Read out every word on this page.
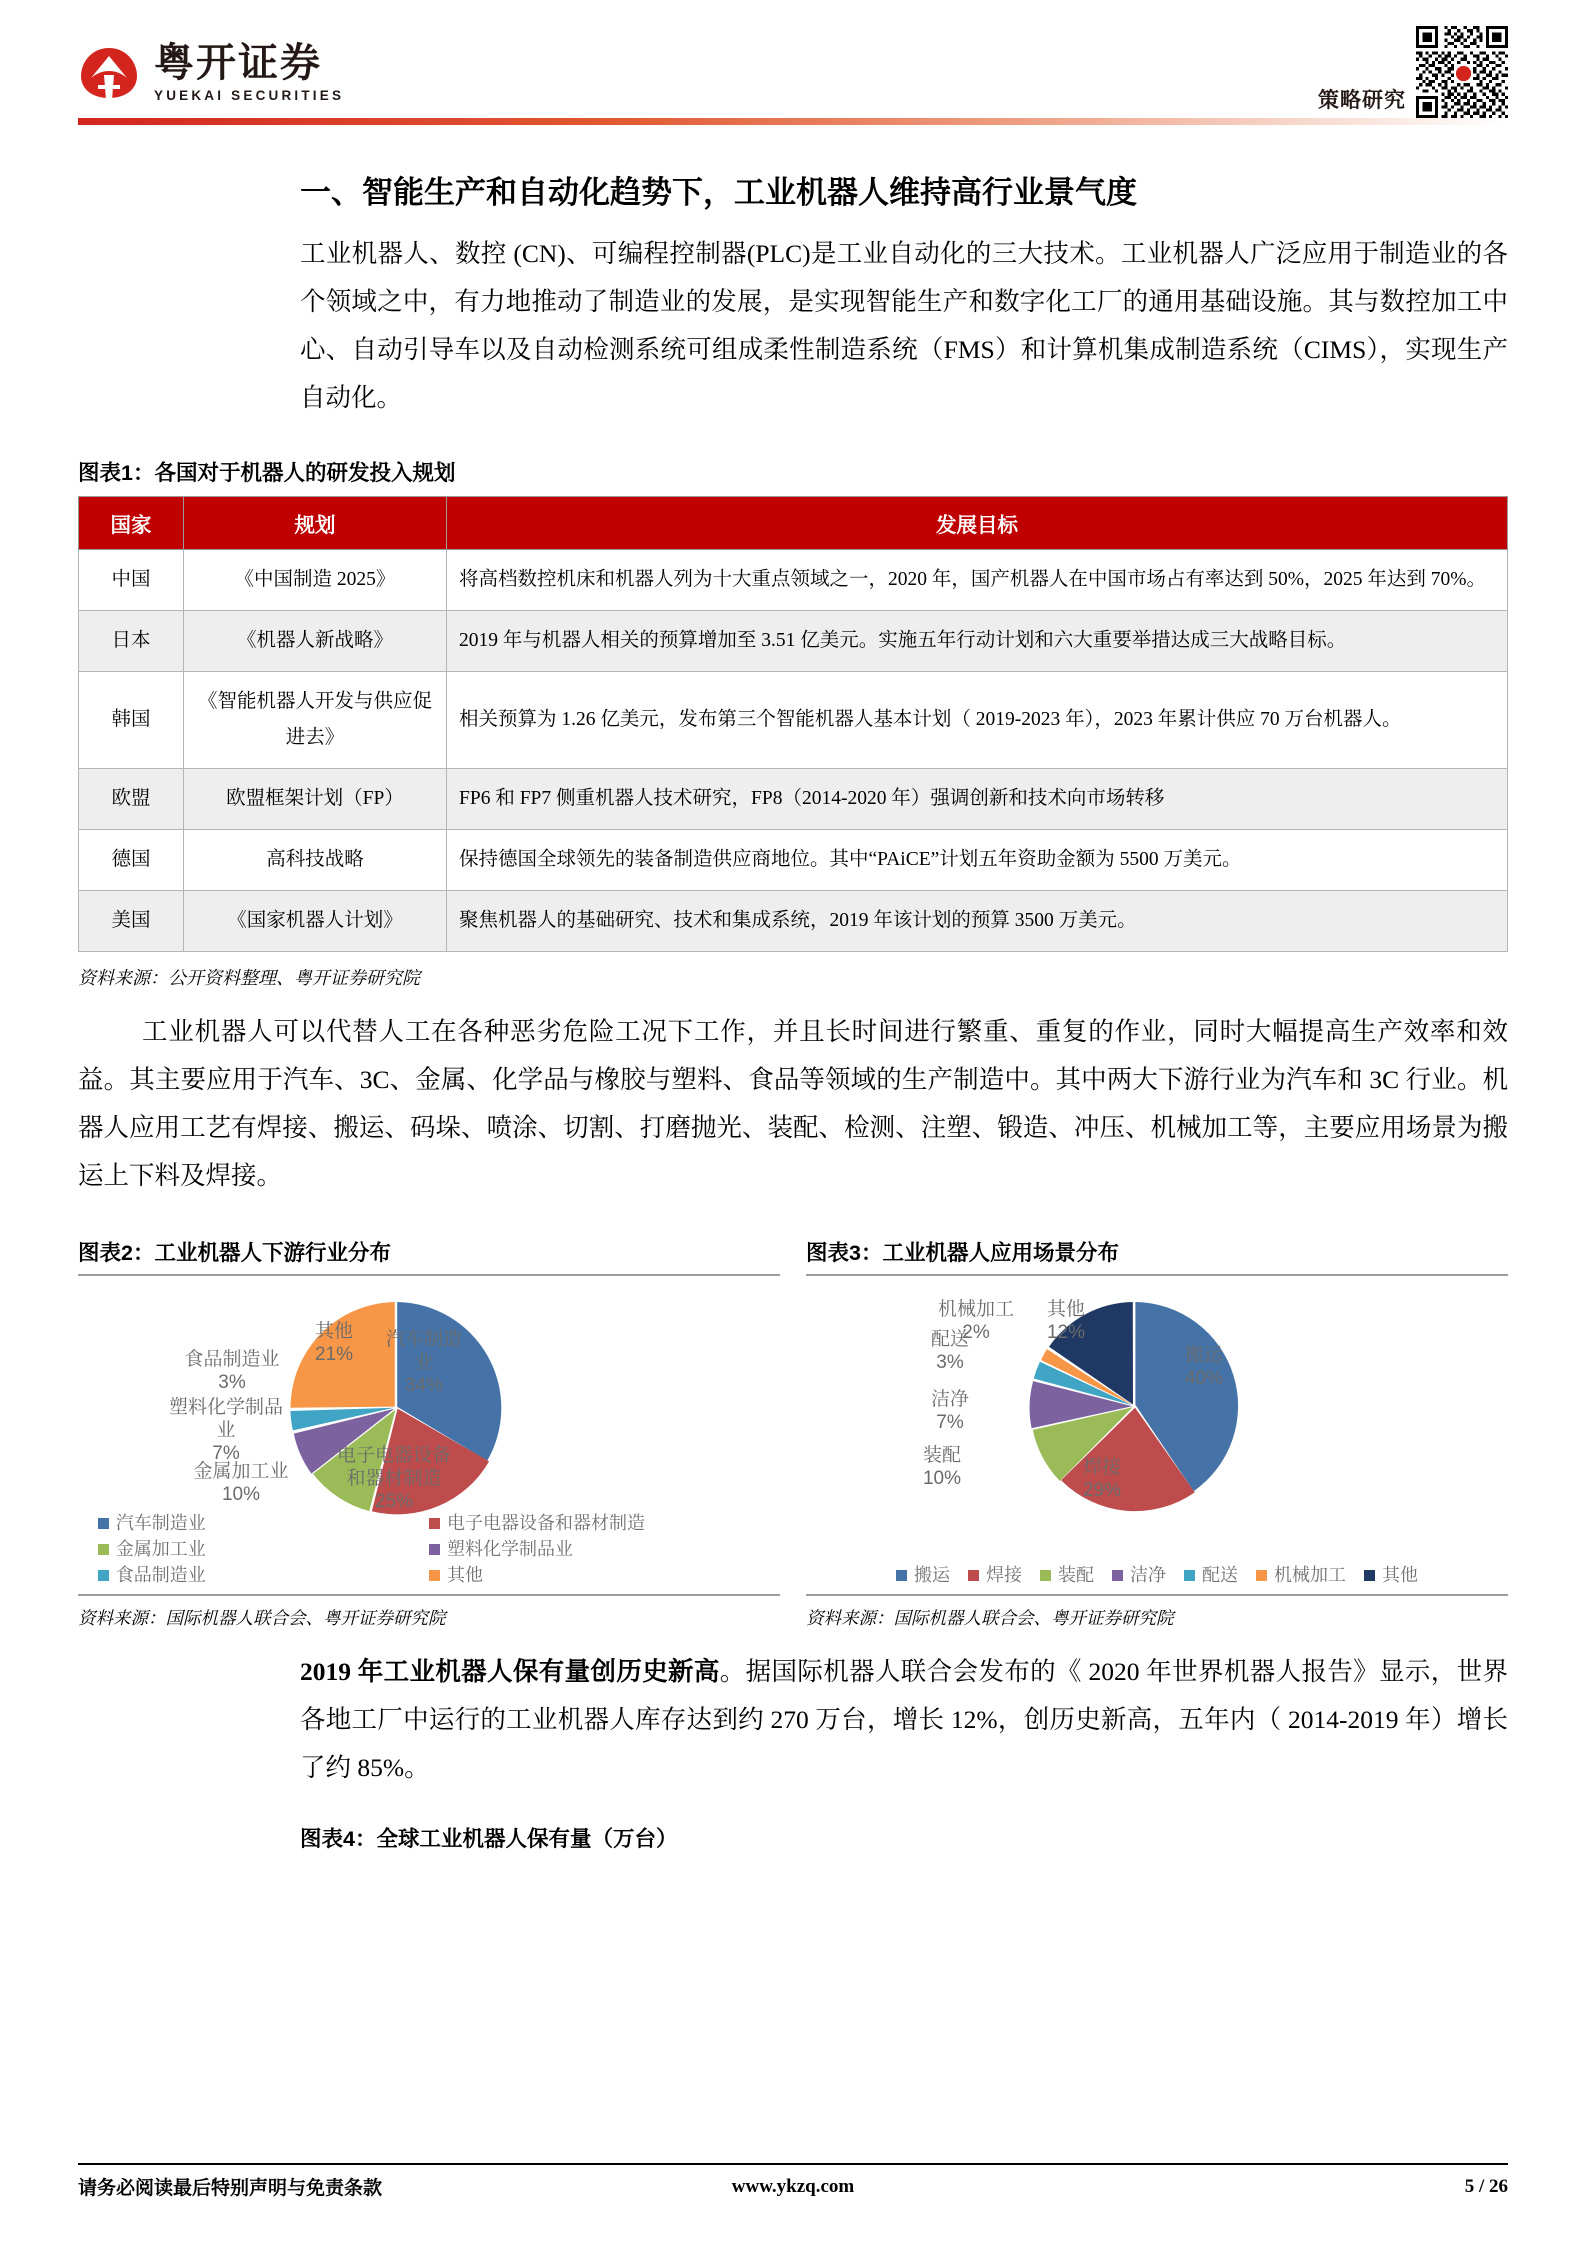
粤开证券
YUEKAI SECURITIES	策略研究
一、智能生产和自动化趋势下，工业机器人维持高行业景气度

工业机器人、数控 (CN)、可编程控制器(PLC)是工业自动化的三大技术。工业机器人广泛应用于制造业的各个领域之中，有力地推动了制造业的发展，是实现智能生产和数字化工厂的通用基础设施。其与数控加工中心、自动引导车以及自动检测系统可组成柔性制造系统（FMS）和计算机集成制造系统（CIMS），实现生产自动化。

图表1：各国对于机器人的研发投入规划
国家	规划	发展目标
中国	《中国制造 2025》	将高档数控机床和机器人列为十大重点领域之一，2020 年，国产机器人在中国市场占有率达到 50%，2025 年达到 70%。
日本	《机器人新战略》	2019 年与机器人相关的预算增加至 3.51 亿美元。实施五年行动计划和六大重要举措达成三大战略目标。
韩国	《智能机器人开发与供应促进去》	相关预算为 1.26 亿美元，发布第三个智能机器人基本计划（ 2019-2023 年），2023 年累计供应 70 万台机器人。
欧盟	欧盟框架计划（FP）	FP6 和 FP7 侧重机器人技术研究，FP8（2014-2020 年）强调创新和技术向市场转移
德国	高科技战略	保持德国全球领先的装备制造供应商地位。其中“PAiCE”计划五年资助金额为 5500 万美元。
美国	《国家机器人计划》	聚焦机器人的基础研究、技术和集成系统，2019 年该计划的预算 3500 万美元。
资料来源：公开资料整理、粤开证券研究院

工业机器人可以代替人工在各种恶劣危险工况下工作，并且长时间进行繁重、重复的作业，同时大幅提高生产效率和效益。其主要应用于汽车、3C、金属、化学品与橡胶与塑料、食品等领域的生产制造中。其中两大下游行业为汽车和 3C 行业。机器人应用工艺有焊接、搬运、码垛、喷涂、切割、打磨抛光、装配、检测、注塑、锻造、冲压、机械加工等，主要应用场景为搬运上下料及焊接。

图表2：工业机器人下游行业分布
其他
21%
汽车制造业
34%
食品制造业
3%
塑料化学制品业
7%
金属加工业
10%
电子电器设备和器材制造
25%
汽车制造业	电子电器设备和器材制造
金属加工业	塑料化学制品业
食品制造业	其他
资料来源：国际机器人联合会、粤开证券研究院
图表3：工业机器人应用场景分布
机械加工
2%
配送
3%
洁净
7%
装配
10%
其他
12%
搬运
40%
焊接
29%
搬运 焊接 装配 洁净 配送 机械加工 其他
资料来源：国际机器人联合会、粤开证券研究院

2019 年工业机器人保有量创历史新高。据国际机器人联合会发布的《 2020 年世界机器人报告》显示，世界各地工厂中运行的工业机器人库存达到约 270 万台，增长 12%，创历史新高，五年内（ 2014-2019 年）增长了约 85%。

图表4：全球工业机器人保有量（万台）
请务必阅读最后特别声明与免责条款	www.ykzq.com	5 / 26
